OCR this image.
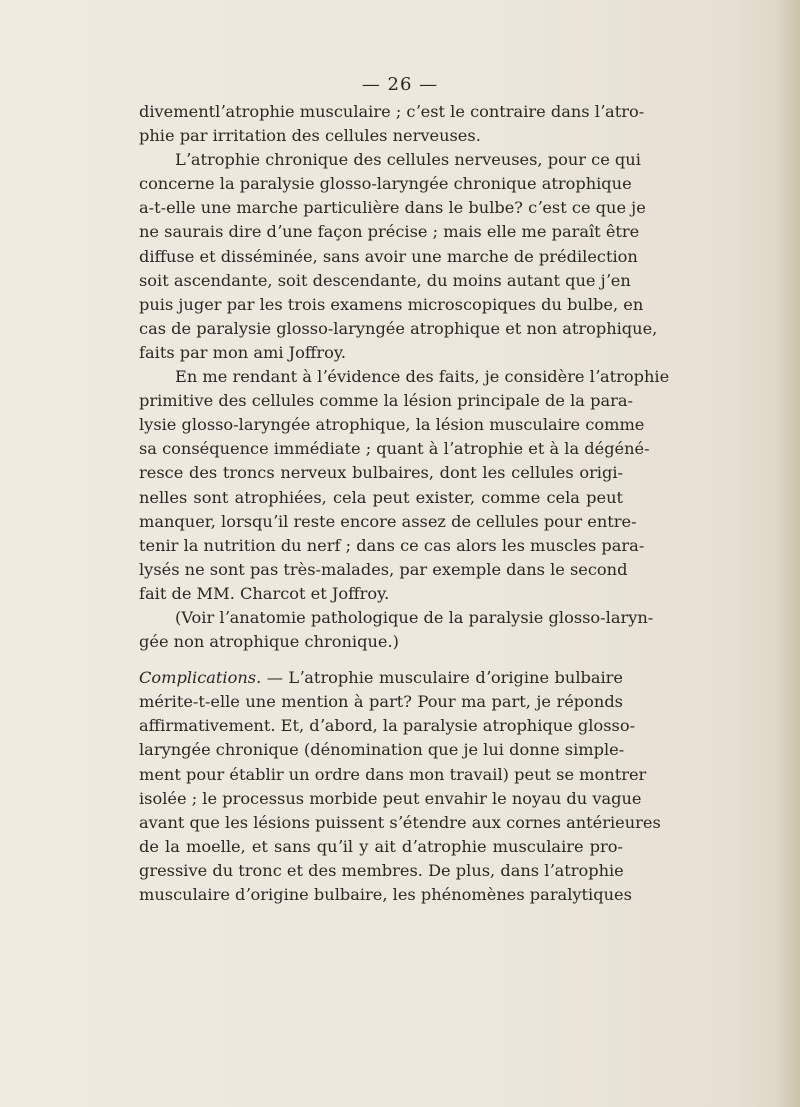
— 26 —
divementlʼatrophie musculaire ; cʼest le contraire dans lʼatro-
phie par irritation des cellules nerveuses.
Lʼatrophie chronique des cellules nerveuses, pour ce qui
concerne la paralysie glosso-laryngée chronique atrophique
a-t-elle une marche particulière dans le bulbe? cʼest ce que je
ne saurais dire dʼune façon précise ; mais elle me paraît être
diffuse et disséminée, sans avoir une marche de prédilection
soit ascendante, soit descendante, du moins autant que jʼen
puis juger par les trois examens microscopiques du bulbe, en
cas de paralysie glosso-laryngée atrophique et non atrophique,
faits par mon ami Joffroy.
En me rendant à lʼévidence des faits, je considère lʼatrophie
primitive des cellules comme la lésion principale de la para-
lysie glosso-laryngée atrophique, la lésion musculaire comme
sa conséquence immédiate ; quant à lʼatrophie et à la dégéné-
resce des troncs nerveux bulbaires, dont les cellules origi-
nelles sont atrophiées, cela peut exister, comme cela peut
manquer, lorsquʼil reste encore assez de cellules pour entre-
tenir la nutrition du nerf ; dans ce cas alors les muscles para-
lysés ne sont pas très-malades, par exemple dans le second
fait de MM. Charcot et Joffroy.
(Voir lʼanatomie pathologique de la paralysie glosso-laryn-
gée non atrophique chronique.)
Complications. — Lʼatrophie musculaire dʼorigine bulbaire
mérite-t-elle une mention à part? Pour ma part, je réponds
affirmativement. Et, dʼabord, la paralysie atrophique glosso-
laryngée chronique (dénomination que je lui donne simple-
ment pour établir un ordre dans mon travail) peut se montrer
isolée ; le processus morbide peut envahir le noyau du vague
avant que les lésions puissent sʼétendre aux cornes antérieures
de la moelle, et sans quʼil y ait dʼatrophie musculaire pro-
gressive du tronc et des membres. De plus, dans lʼatrophie
musculaire dʼorigine bulbaire, les phénomènes paralytiques
